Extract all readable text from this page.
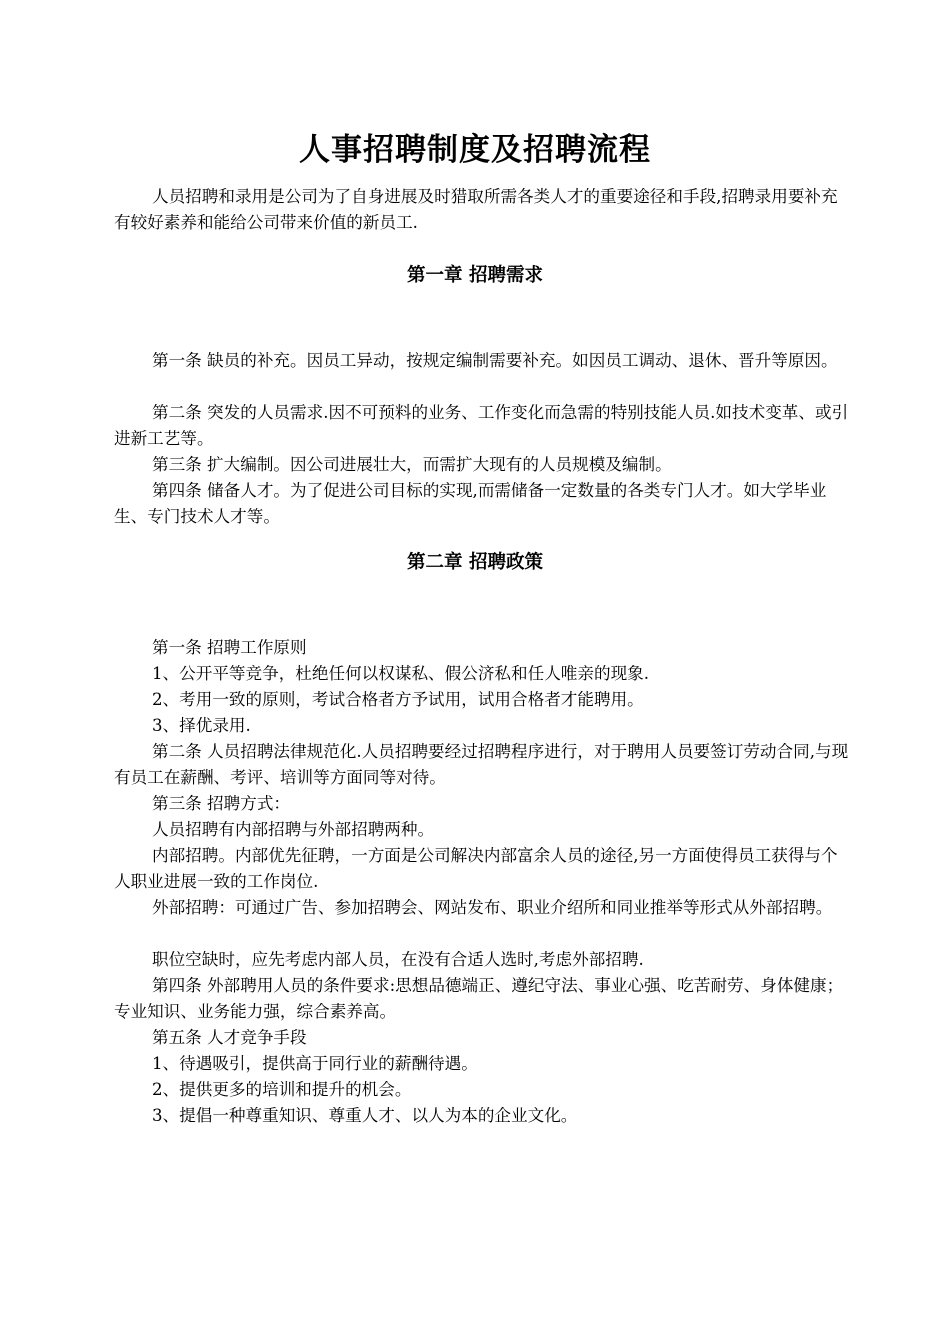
人事招聘制度及招聘流程

人员招聘和录用是公司为了自身进展及时猎取所需各类人才的重要途径和手段,招聘录用要补充有较好素养和能给公司带来价值的新员工.

第一章 招聘需求

第一条 缺员的补充。因员工异动，按规定编制需要补充。如因员工调动、退休、晋升等原因。

第二条 突发的人员需求.因不可预料的业务、工作变化而急需的特别技能人员.如技术变革、或引进新工艺等。

第三条 扩大编制。因公司进展壮大，而需扩大现有的人员规模及编制。

第四条 储备人才。为了促进公司目标的实现,而需储备一定数量的各类专门人才。如大学毕业生、专门技术人才等。

第二章 招聘政策

第一条 招聘工作原则

1、公开平等竞争，杜绝任何以权谋私、假公济私和任人唯亲的现象.

2、考用一致的原则，考试合格者方予试用，试用合格者才能聘用。

3、择优录用.

第二条 人员招聘法律规范化.人员招聘要经过招聘程序进行，对于聘用人员要签订劳动合同,与现有员工在薪酬、考评、培训等方面同等对待。

第三条 招聘方式：

人员招聘有内部招聘与外部招聘两种。

内部招聘。内部优先征聘，一方面是公司解决内部富余人员的途径,另一方面使得员工获得与个人职业进展一致的工作岗位.

外部招聘：可通过广告、参加招聘会、网站发布、职业介绍所和同业推举等形式从外部招聘。

职位空缺时，应先考虑内部人员，在没有合适人选时,考虑外部招聘.

第四条 外部聘用人员的条件要求:思想品德端正、遵纪守法、事业心强、吃苦耐劳、身体健康；专业知识、业务能力强，综合素养高。

第五条 人才竞争手段

1、待遇吸引，提供高于同行业的薪酬待遇。

2、提供更多的培训和提升的机会。

3、提倡一种尊重知识、尊重人才、以人为本的企业文化。
